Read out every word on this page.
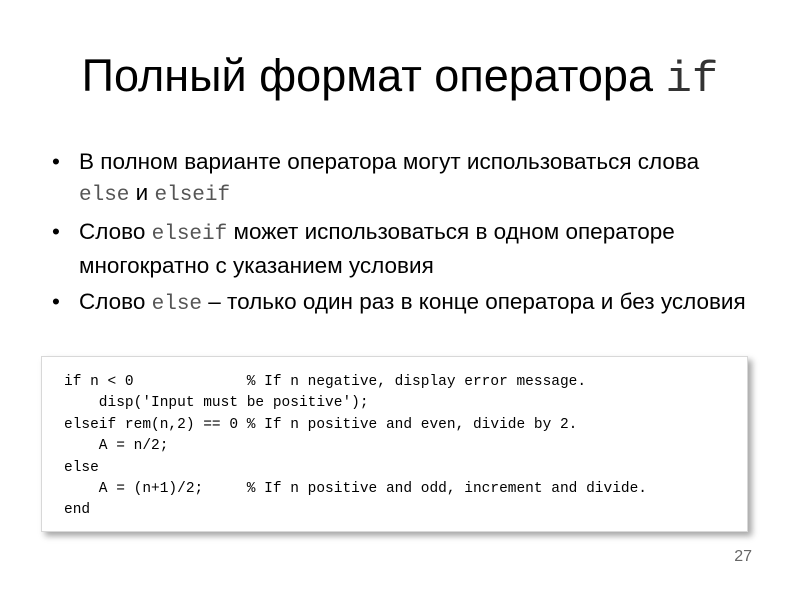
Полный формат оператора if
• В полном варианте оператора могут использоваться слова else и elseif
• Слово elseif может использоваться в одном операторе многократно с указанием условия
• Слово else – только один раз в конце оператора и без условия
if n < 0             % If n negative, display error message.
disp('Input must be positive');
elseif rem(n,2) == 0 % If n positive and even, divide by 2.
A = n/2;
else
A = (n+1)/2;     % If n positive and odd, increment and divide.
end
27
